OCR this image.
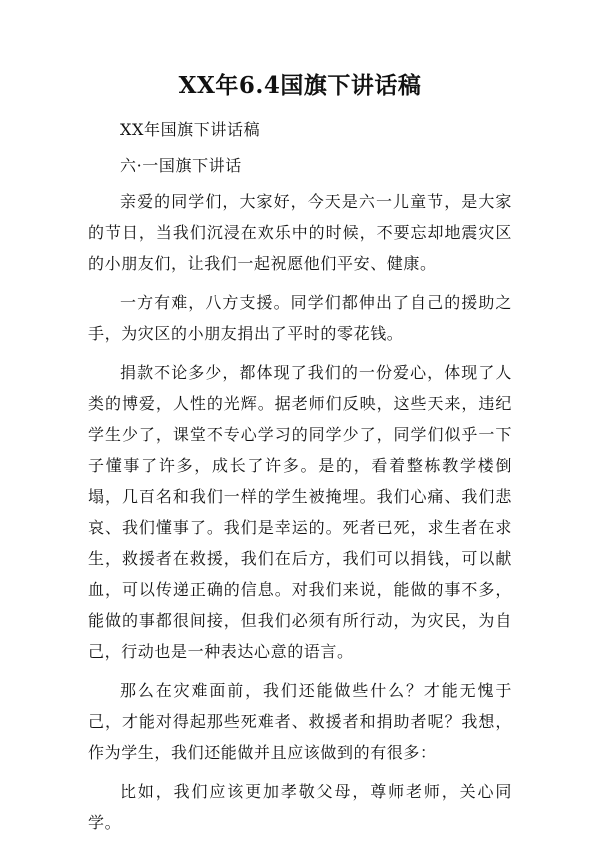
XX年6.4国旗下讲话稿

XX年国旗下讲话稿

六·一国旗下讲话

亲爱的同学们，大家好，今天是六一儿童节，是大家的节日，当我们沉浸在欢乐中的时候，不要忘却地震灾区的小朋友们，让我们一起祝愿他们平安、健康。

一方有难，八方支援。同学们都伸出了自己的援助之手，为灾区的小朋友捐出了平时的零花钱。

捐款不论多少，都体现了我们的一份爱心，体现了人类的博爱，人性的光辉。据老师们反映，这些天来，违纪学生少了，课堂不专心学习的同学少了，同学们似乎一下子懂事了许多，成长了许多。是的，看着整栋教学楼倒塌，几百名和我们一样的学生被掩埋。我们心痛、我们悲哀、我们懂事了。我们是幸运的。死者已死，求生者在求生，救援者在救援，我们在后方，我们可以捐钱，可以献血，可以传递正确的信息。对我们来说，能做的事不多，能做的事都很间接，但我们必须有所行动，为灾民，为自己，行动也是一种表达心意的语言。

那么在灾难面前，我们还能做些什么？才能无愧于己，才能对得起那些死难者、救援者和捐助者呢？我想，作为学生，我们还能做并且应该做到的有很多：

比如，我们应该更加孝敬父母，尊师老师，关心同学。
